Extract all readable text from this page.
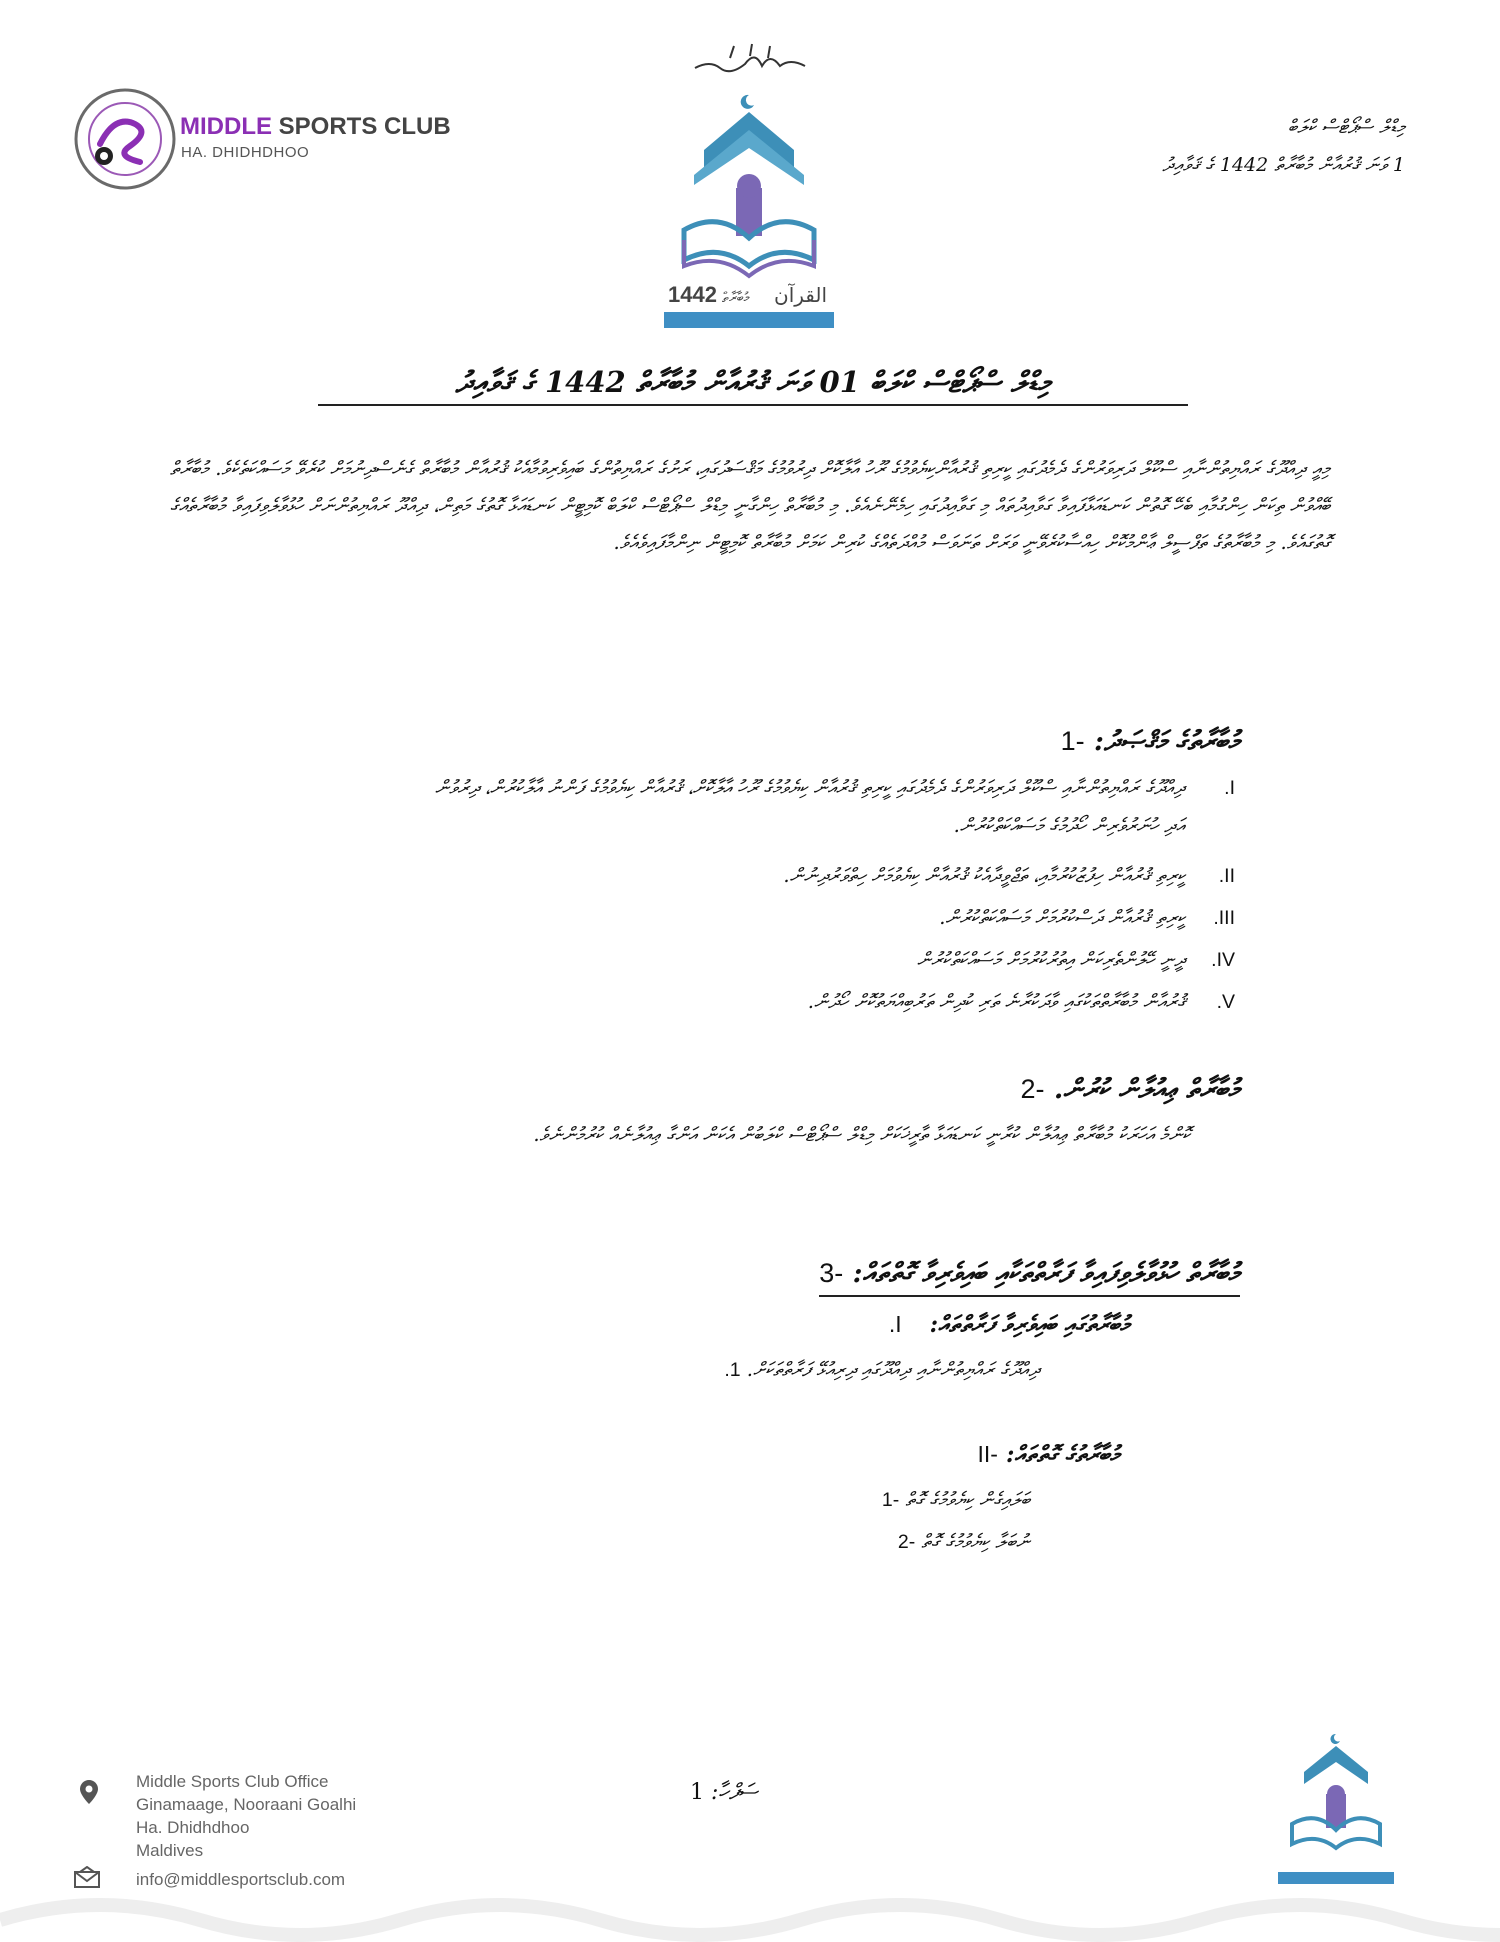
MIDDLE SPORTS CLUB
HA. DHIDHDHOO
القرآن
މުބާރާތް
1442
މިޑްލް ސްޕޯޓްސް ކްލަބް
1 ވަނަ ޤުރުއާން މުބާރާތް 1442 ގެ ޤަވާއިދު
މިޑްލް ސްޕޯޓްސް ކްލަބް 01 ވަނަ ޤުރުއާން މުބާރާތް 1442 ގެ ޤަވާއިދު
މިއީ ދިއްދޫގެ ރައްޔިތުންނާއި ސްކޫލް ދަރިވަރުންގެ ދެމެދުގައި ކީރިތި ޤުރުއާންކިޔެވުމުގެ ރޫހު އާލާކޮށް ދިރުވުމުގެ މަޤްސަދުގައި، ރަށުގެ ރައްޔިތުންގެ ބައިވެރިވުމާއެކު ޤުރުއާން މުބާރާތް ގެނެސްދިނުމަށް ކުރެވޭ މަސައްކަތެކެވެ. މުބާރާތް ބޭއްވުން ތިކަން ހިންގުމާއި ބެހޭ ގޮތުން ކަނޑައަޅާފައިވާ ގަވާއިދުތައް މި ގަވާއިދުގައި ހިމެނޭނެއެވެ. މި މުބާރާތް ހިންގާނީ މިޑްލް ސްޕޯޓްސް ކްލަބް ކޮމިޓީން ކަނޑައަޅާ ގޮތުގެ މަތިން، ދިއްދޫ ރައްޔިތުންނަށް ހުޅުވާލެވިފައިވާ މުބާރާތެއްގެ ގޮތުގައެވެ. މި މުބާރާތުގެ ތަފްސީލް ޢާންމުކޮށް ހިއްސާކުރެވޭނީ ވަރަށް ތަނަވަސް މުއްދަތެއްގެ ކުރިން ކަމަށް މުބާރާތް ކޮމިޓީން ނިންމާފައިވެއެވެ.
މުބާރާތުގެ މަޤްޞަދު: -1
I.
ދިއްދޫގެ ރައްޔިތުންނާއި ސްކޫލް ދަރިވަރުންގެ ދެމެދުގައި ކީރިތި ޤުރުއާން ކިޔެވުމުގެ ރޫހު އާލާކޮށް، ޤުރުއާން ކިޔެވުމުގެ ފަންނު އާލާކުރުން، ދިރުވުން
އަދި ހުނަރުވެރިން ހޯދުމުގެ މަސައްކަތްކުރުން.
II.
ކީރިތި ޤުރުއާން ހިފުޒުކުރުމާއި، ތަޖްވީދާއެކު ޤުރުއާން ކިޔެވުމަށް ހިތްވަރުދިނުން.
III.
ކީރިތި ޤުރުއާން ދަސްކުރުމަށް މަސައްކަތްކުރުން.
IV.
ދީނީ ހޭލުންތެރިކަން އިތުރުކުރުމަށް މަސައްކަތްކުރުން
V.
ޤުރުއާން މުބާރާތްތަކުގައި ވާދަކުރާނެ ތަރި ކުދިން ތަރުބިއްޔަތުކޮށް ހޯދުން.
މުބާރާތް ޢިއުލާން ކުރުން. -2
ކޮންމެ އަހަރަކު މުބާރާތް ޢިއުލާން ކުރާނީ ކަނޑައަޅާ ތާރީޚަކަށް މިޑްލް ސްޕޯޓްސް ކްލަބުން އެކަން އަންގާ ޢިއުލާނެއް ކުރުމުންނެވެ.
މުބާރާތް ހުޅުވާލެވިފައިވާ ފަރާތްތަކާއި ބައިވެރިވާ ގޮތްތައް: -3
މުބާރާތުގައި ބައިވެރިވާ ފަރާތްތައް:I.
ދިއްދޫގެ ރައްޔިތުންނާއި ދިއްދޫގައި ދިރިއުޅޭ ފަރާތްތަކަށް. 1.
މުބާރާތުގެ ގޮތްތައް: -II
ބަލައިގެން ކިޔެވުމުގެ ގޮތް -1
ނުބަލާ ކިޔެވުމުގެ ގޮތް -2
Middle Sports Club Office
Ginamaage, Nooraani Goalhi
Ha. Dhidhdhoo
Maldives
info@middlesportsclub.com
ސަފްހާ: 1
